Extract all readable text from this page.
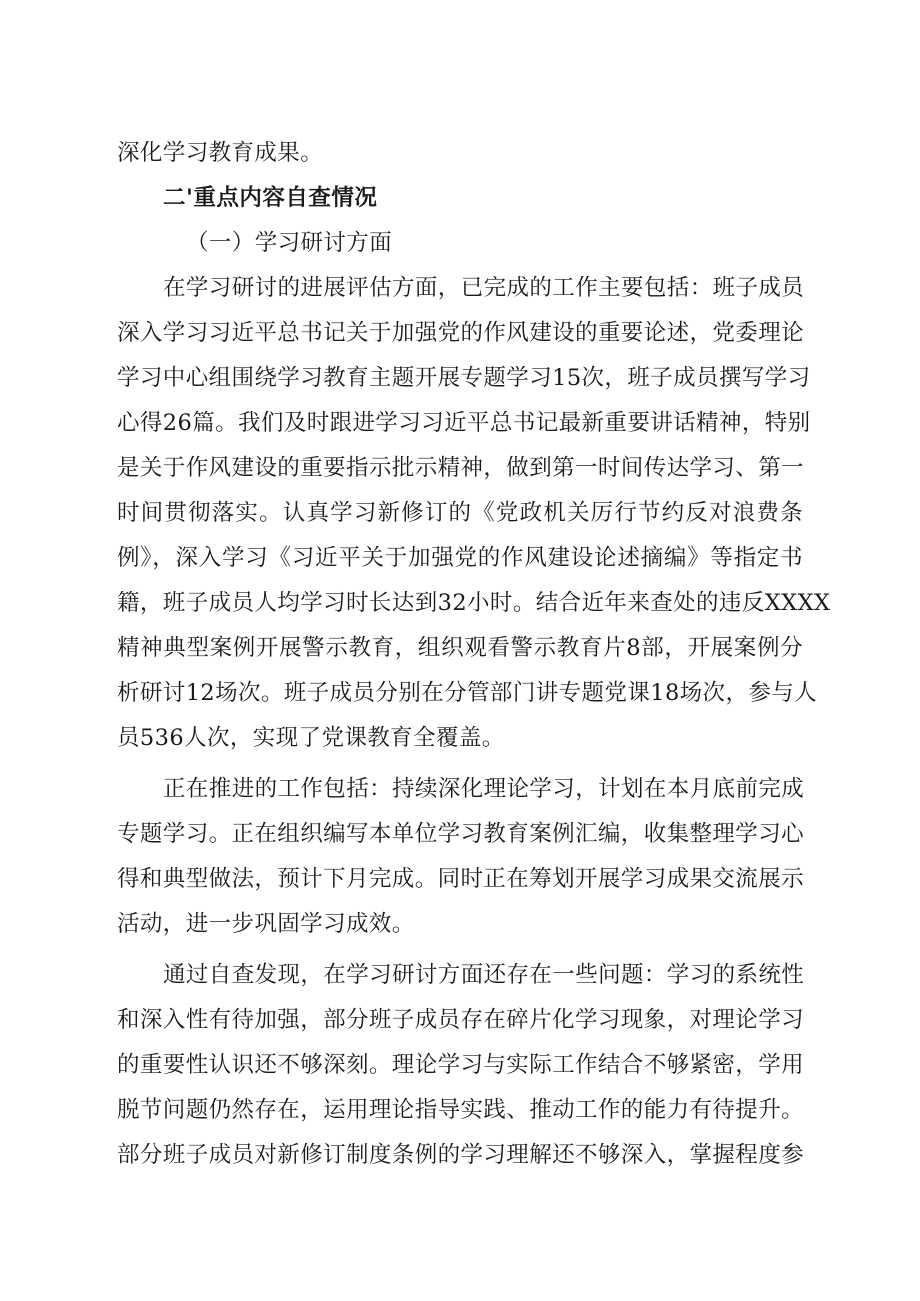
深化学习教育成果。
二'重点内容自查情况
（一）学习研讨方面
在学习研讨的进展评估方面，已完成的工作主要包括：班子成员
深入学习习近平总书记关于加强党的作风建设的重要论述，党委理论
学习中心组围绕学习教育主题开展专题学习15次，班子成员撰写学习
心得26篇。我们及时跟进学习习近平总书记最新重要讲话精神，特别
是关于作风建设的重要指示批示精神，做到第一时间传达学习、第一
时间贯彻落实。认真学习新修订的《党政机关厉行节约反对浪费条
例》，深入学习《习近平关于加强党的作风建设论述摘编》等指定书
籍，班子成员人均学习时长达到32小时。结合近年来查处的违反XXXX
精神典型案例开展警示教育，组织观看警示教育片8部，开展案例分
析研讨12场次。班子成员分别在分管部门讲专题党课18场次，参与人
员536人次，实现了党课教育全覆盖。
正在推进的工作包括：持续深化理论学习，计划在本月底前完成
专题学习。正在组织编写本单位学习教育案例汇编，收集整理学习心
得和典型做法，预计下月完成。同时正在筹划开展学习成果交流展示
活动，进一步巩固学习成效。
通过自查发现，在学习研讨方面还存在一些问题：学习的系统性
和深入性有待加强，部分班子成员存在碎片化学习现象，对理论学习
的重要性认识还不够深刻。理论学习与实际工作结合不够紧密，学用
脱节问题仍然存在，运用理论指导实践、推动工作的能力有待提升。
部分班子成员对新修订制度条例的学习理解还不够深入，掌握程度参
